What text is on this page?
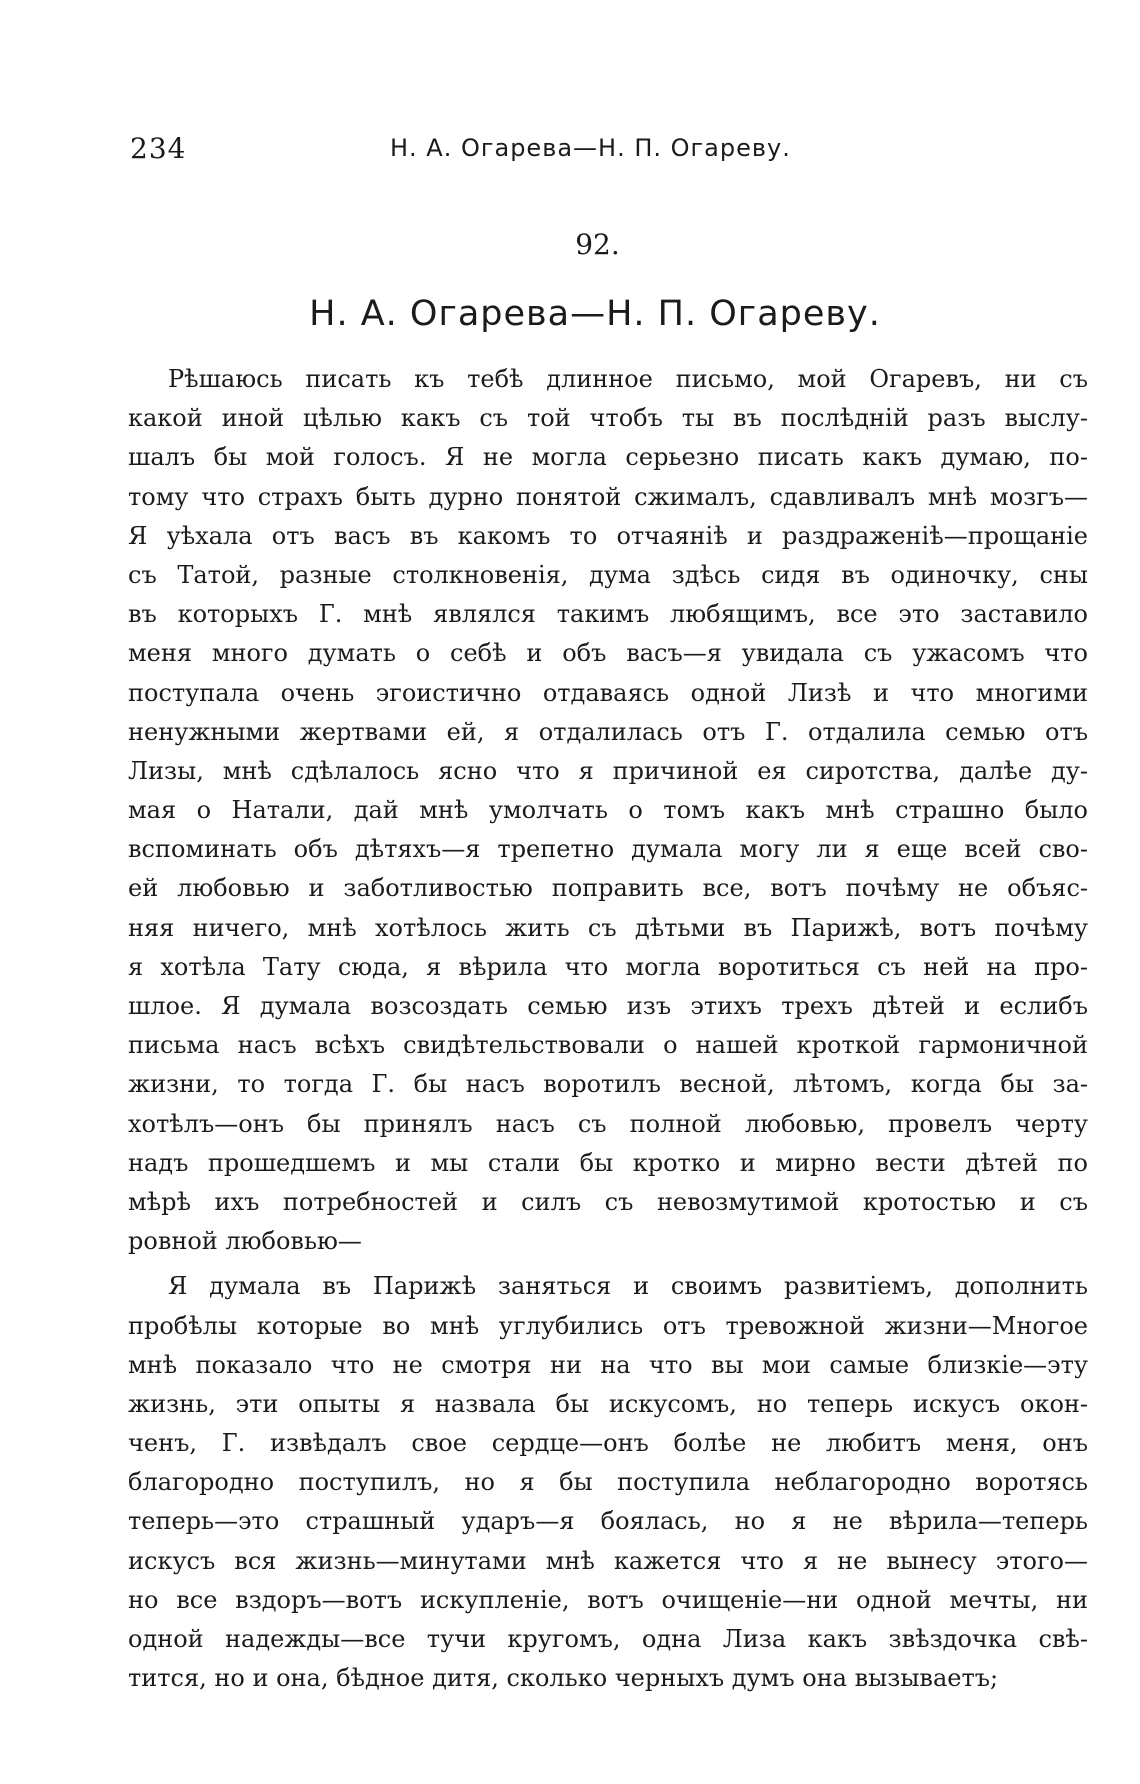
234	Н. А. Огарева—Н. П. Огареву.
92.
Н. А. Огарева—Н. П. Огареву.
Рѣшаюсь писать къ тебѣ длинное письмо, мой Огаревъ, ни съ
какой иной цѣлью какъ съ той чтобъ ты въ послѣднiй разъ выслу-
шалъ бы мой голосъ. Я не могла серьезно писать какъ думаю, по-
тому что страхъ быть дурно понятой сжималъ, сдавливалъ мнѣ мозгъ—
Я уѣхала отъ васъ въ какомъ то отчаянiѣ и раздраженiѣ—прощанiе
съ Татой, разные столкновенiя, дума здѣсь сидя въ одиночку, сны
въ которыхъ Г. мнѣ являлся такимъ любящимъ, все это заставило
меня много думать о себѣ и объ васъ—я увидала съ ужасомъ что
поступала очень эгоистично отдаваясь одной Лизѣ и что многими
ненужными жертвами ей, я отдалилась отъ Г. отдалила семью отъ
Лизы, мнѣ сдѣлалось ясно что я причиной ея сиротства, далѣе ду-
мая о Натали, дай мнѣ умолчать о томъ какъ мнѣ страшно было
вспоминать объ дѣтяхъ—я трепетно думала могу ли я еще всей сво-
ей любовью и заботливостью поправить все, вотъ почѣму не объяс-
няя ничего, мнѣ хотѣлось жить съ дѣтьми въ Парижѣ, вотъ почѣму
я хотѣла Тату сюда, я вѣрила что могла воротиться съ ней на про-
шлое. Я думала возсоздать семью изъ этихъ трехъ дѣтей и еслибъ
письма насъ всѣхъ свидѣтельствовали о нашей кроткой гармоничной
жизни, то тогда Г. бы насъ воротилъ весной, лѣтомъ, когда бы за-
хотѣлъ—онъ бы принялъ насъ съ полной любовью, провелъ черту
надъ прошедшемъ и мы стали бы кротко и мирно вести дѣтей по
мѣрѣ ихъ потребностей и силъ съ невозмутимой кротостью и съ
ровной любовью—
Я думала въ Парижѣ заняться и своимъ развитiемъ, дополнить
пробѣлы которые во мнѣ углубились отъ тревожной жизни—Многое
мнѣ показало что не смотря ни на что вы мои самые близкiе—эту
жизнь, эти опыты я назвала бы искусомъ, но теперь искусъ окон-
ченъ, Г. извѣдалъ свое сердце—онъ болѣе не любитъ меня, онъ
благородно поступилъ, но я бы поступила неблагородно воротясь
теперь—это страшный ударъ—я боялась, но я не вѣрила—теперь
искусъ вся жизнь—минутами мнѣ кажется что я не вынесу этого—
но все вздоръ—вотъ искупленiе, вотъ очищенiе—ни одной мечты, ни
одной надежды—все тучи кругомъ, одна Лиза какъ звѣздочка свѣ-
тится, но и она, бѣдное дитя, сколько черныхъ думъ она вызываетъ;
